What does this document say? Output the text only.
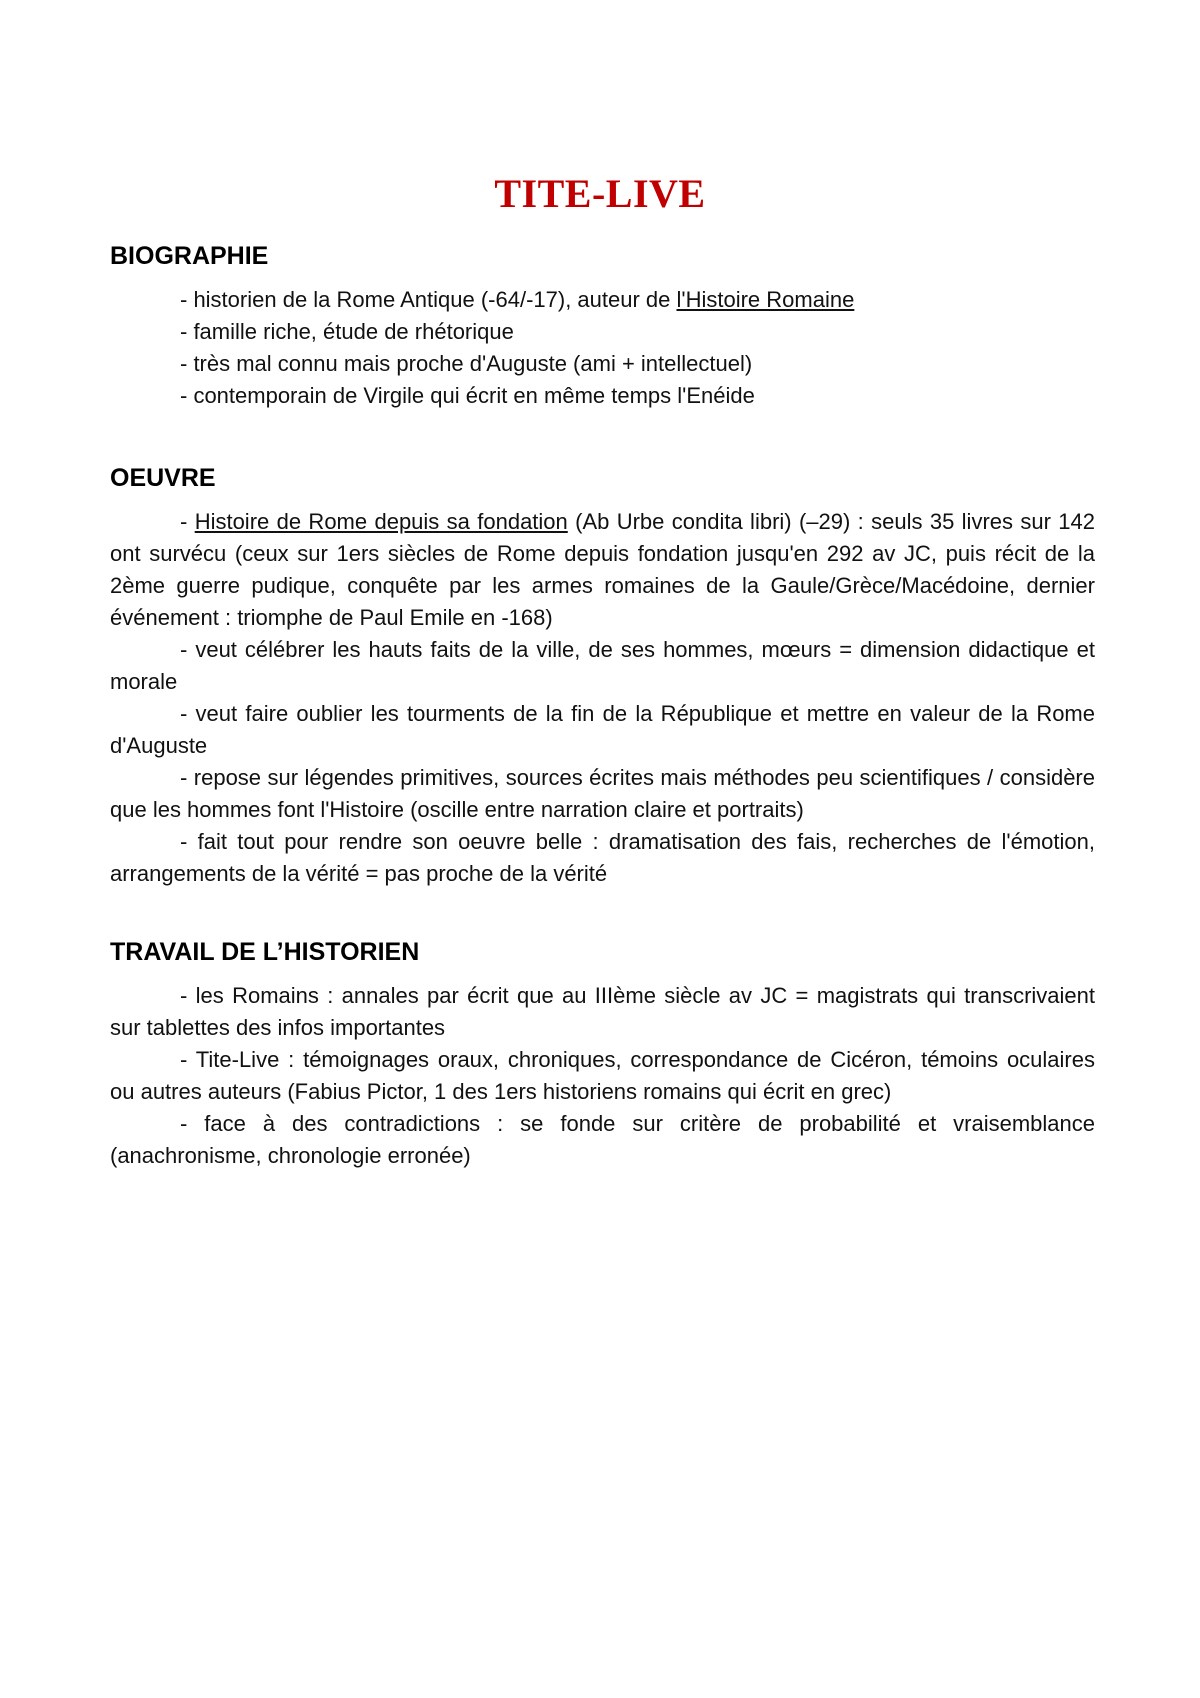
TITE-LIVE
BIOGRAPHIE
- historien de la Rome Antique (-64/-17), auteur de l'Histoire Romaine
- famille riche, étude de rhétorique
- très mal connu mais proche d'Auguste (ami + intellectuel)
- contemporain de Virgile qui écrit en même temps l'Enéide
OEUVRE

- Histoire de Rome depuis sa fondation (Ab Urbe condita libri) (–29) : seuls 35 livres sur 142 ont survécu (ceux sur 1ers siècles de Rome depuis fondation jusqu'en 292 av JC, puis récit de la 2ème guerre pudique, conquête par les armes romaines de la Gaule/Grèce/Macédoine, dernier événement : triomphe de Paul Emile en -168)

- veut célébrer les hauts faits de la ville, de ses hommes, mœurs = dimension didactique et morale

- veut faire oublier les tourments de la fin de la République et mettre en valeur de la Rome d'Auguste

- repose sur légendes primitives, sources écrites mais méthodes peu scientifiques / considère que les hommes font l'Histoire (oscille entre narration claire et portraits)

- fait tout pour rendre son oeuvre belle : dramatisation des fais, recherches de l'émotion, arrangements de la vérité = pas proche de la vérité

TRAVAIL DE L’HISTORIEN

- les Romains : annales par écrit que au IIIème siècle av JC = magistrats qui transcrivaient sur tablettes des infos importantes

- Tite-Live : témoignages oraux, chroniques, correspondance de Cicéron, témoins oculaires ou autres auteurs (Fabius Pictor, 1 des 1ers historiens romains qui écrit en grec)

- face à des contradictions : se fonde sur critère de probabilité et vraisemblance (anachronisme, chronologie erronée)
